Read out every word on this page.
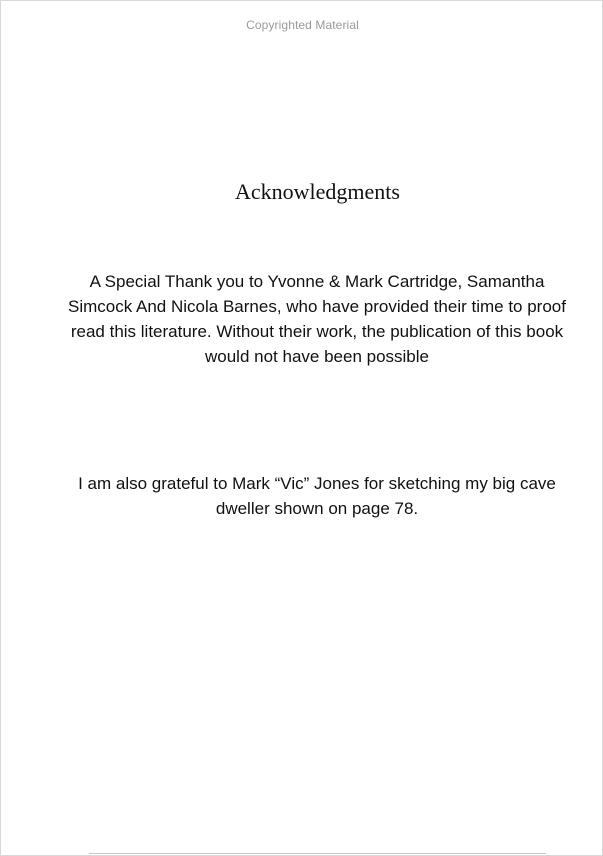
Copyrighted Material
Acknowledgments
A Special Thank you to Yvonne & Mark Cartridge, Samantha Simcock And Nicola Barnes, who have provided their time to proof read this literature. Without their work, the publication of this book would not have been possible
I am also grateful to Mark “Vic” Jones for sketching my big cave dweller shown on page 78.
